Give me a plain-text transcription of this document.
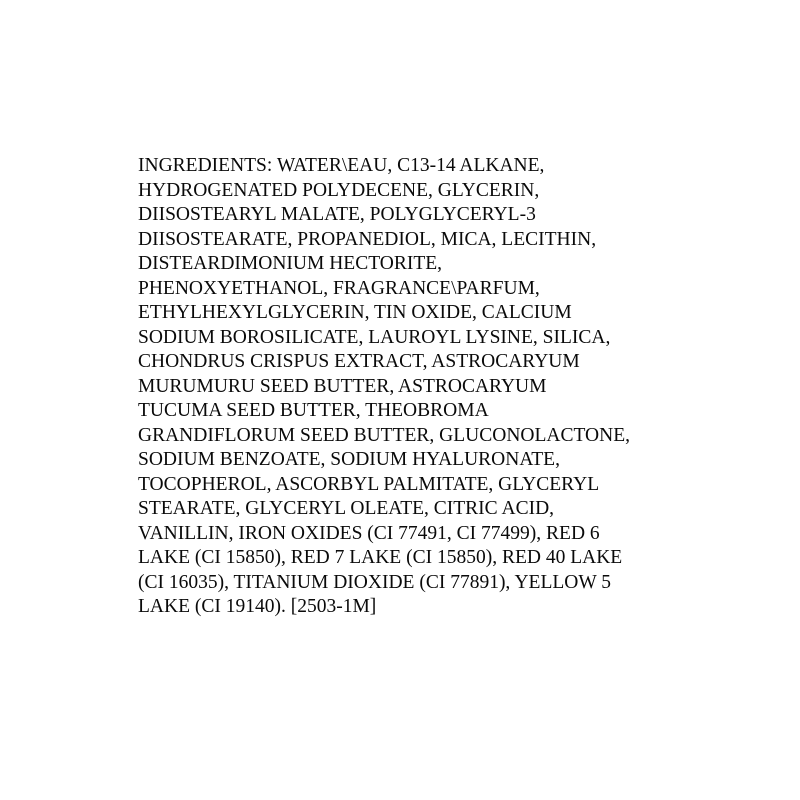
INGREDIENTS: WATER\EAU, C13-14 ALKANE,
HYDROGENATED POLYDECENE, GLYCERIN,
DIISOSTEARYL MALATE, POLYGLYCERYL-3
DIISOSTEARATE, PROPANEDIOL, MICA, LECITHIN,
DISTEARDIMONIUM HECTORITE,
PHENOXYETHANOL, FRAGRANCE\PARFUM,
ETHYLHEXYLGLYCERIN, TIN OXIDE, CALCIUM
SODIUM BOROSILICATE, LAUROYL LYSINE, SILICA,
CHONDRUS CRISPUS EXTRACT, ASTROCARYUM
MURUMURU SEED BUTTER, ASTROCARYUM
TUCUMA SEED BUTTER, THEOBROMA
GRANDIFLORUM SEED BUTTER, GLUCONOLACTONE,
SODIUM BENZOATE, SODIUM HYALURONATE,
TOCOPHEROL, ASCORBYL PALMITATE, GLYCERYL
STEARATE, GLYCERYL OLEATE, CITRIC ACID,
VANILLIN, IRON OXIDES (CI 77491, CI 77499), RED 6
LAKE (CI 15850), RED 7 LAKE (CI 15850), RED 40 LAKE
(CI 16035), TITANIUM DIOXIDE (CI 77891), YELLOW 5
LAKE (CI 19140). [2503-1M]
